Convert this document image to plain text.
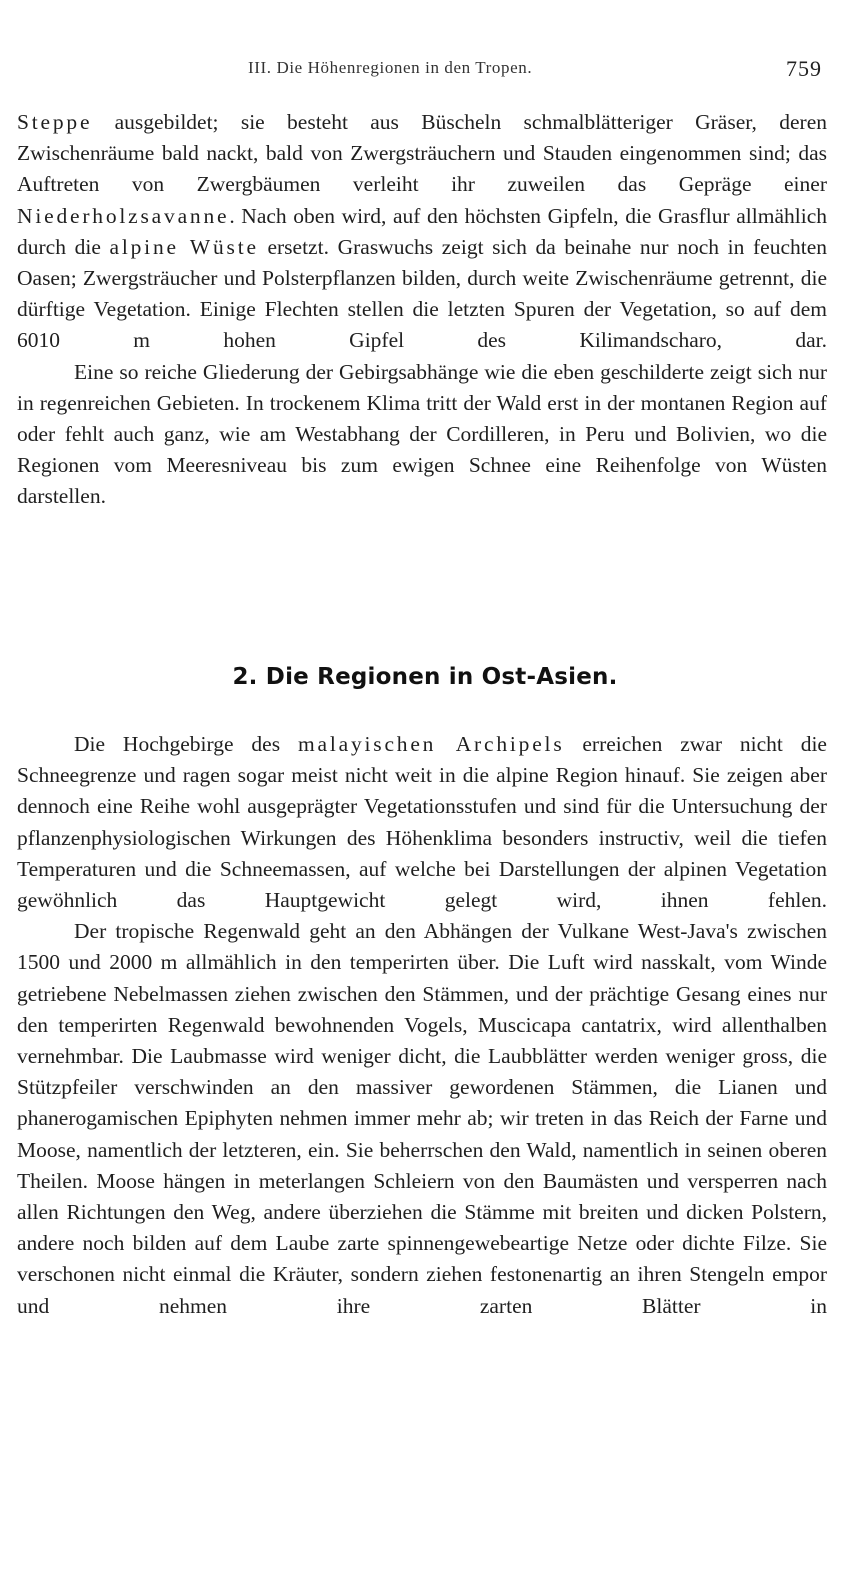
III. Die Höhenregionen in den Tropen.	759

Steppe ausgebildet; sie besteht aus Büscheln schmalblätteriger Gräser, deren Zwischenräume bald nackt, bald von Zwergsträuchern und Stauden eingenommen sind; das Auftreten von Zwergbäumen verleiht ihr zuweilen das Gepräge einer Niederholzsavanne. Nach oben wird, auf den höchsten Gipfeln, die Grasflur allmählich durch die alpine Wüste ersetzt. Graswuchs zeigt sich da beinahe nur noch in feuchten Oasen; Zwergsträucher und Polsterpflanzen bilden, durch weite Zwischenräume getrennt, die dürftige Vegetation. Einige Flechten stellen die letzten Spuren der Vegetation, so auf dem 6010 m hohen Gipfel des Kilimandscharo, dar.

Eine so reiche Gliederung der Gebirgsabhänge wie die eben geschilderte zeigt sich nur in regenreichen Gebieten. In trockenem Klima tritt der Wald erst in der montanen Region auf oder fehlt auch ganz, wie am Westabhang der Cordilleren, in Peru und Bolivien, wo die Regionen vom Meeresniveau bis zum ewigen Schnee eine Reihenfolge von Wüsten darstellen.

2. Die Regionen in Ost-Asien.

Die Hochgebirge des malayischen Archipels erreichen zwar nicht die Schneegrenze und ragen sogar meist nicht weit in die alpine Region hinauf. Sie zeigen aber dennoch eine Reihe wohl ausgeprägter Vegetationsstufen und sind für die Untersuchung der pflanzenphysiologischen Wirkungen des Höhenklima besonders instructiv, weil die tiefen Temperaturen und die Schneemassen, auf welche bei Darstellungen der alpinen Vegetation gewöhnlich das Hauptgewicht gelegt wird, ihnen fehlen.

Der tropische Regenwald geht an den Abhängen der Vulkane West-Java's zwischen 1500 und 2000 m allmählich in den temperirten über. Die Luft wird nasskalt, vom Winde getriebene Nebelmassen ziehen zwischen den Stämmen, und der prächtige Gesang eines nur den temperirten Regenwald bewohnenden Vogels, Muscicapa cantatrix, wird allenthalben vernehmbar. Die Laubmasse wird weniger dicht, die Laubblätter werden weniger gross, die Stützpfeiler verschwinden an den massiver gewordenen Stämmen, die Lianen und phanerogamischen Epiphyten nehmen immer mehr ab; wir treten in das Reich der Farne und Moose, namentlich der letzteren, ein. Sie beherrschen den Wald, namentlich in seinen oberen Theilen. Moose hängen in meterlangen Schleiern von den Baumästen und versperren nach allen Richtungen den Weg, andere überziehen die Stämme mit breiten und dicken Polstern, andere noch bilden auf dem Laube zarte spinnengewebeartige Netze oder dichte Filze. Sie verschonen nicht einmal die Kräuter, sondern ziehen festonenartig an ihren Stengeln empor und nehmen ihre zarten Blätter in
